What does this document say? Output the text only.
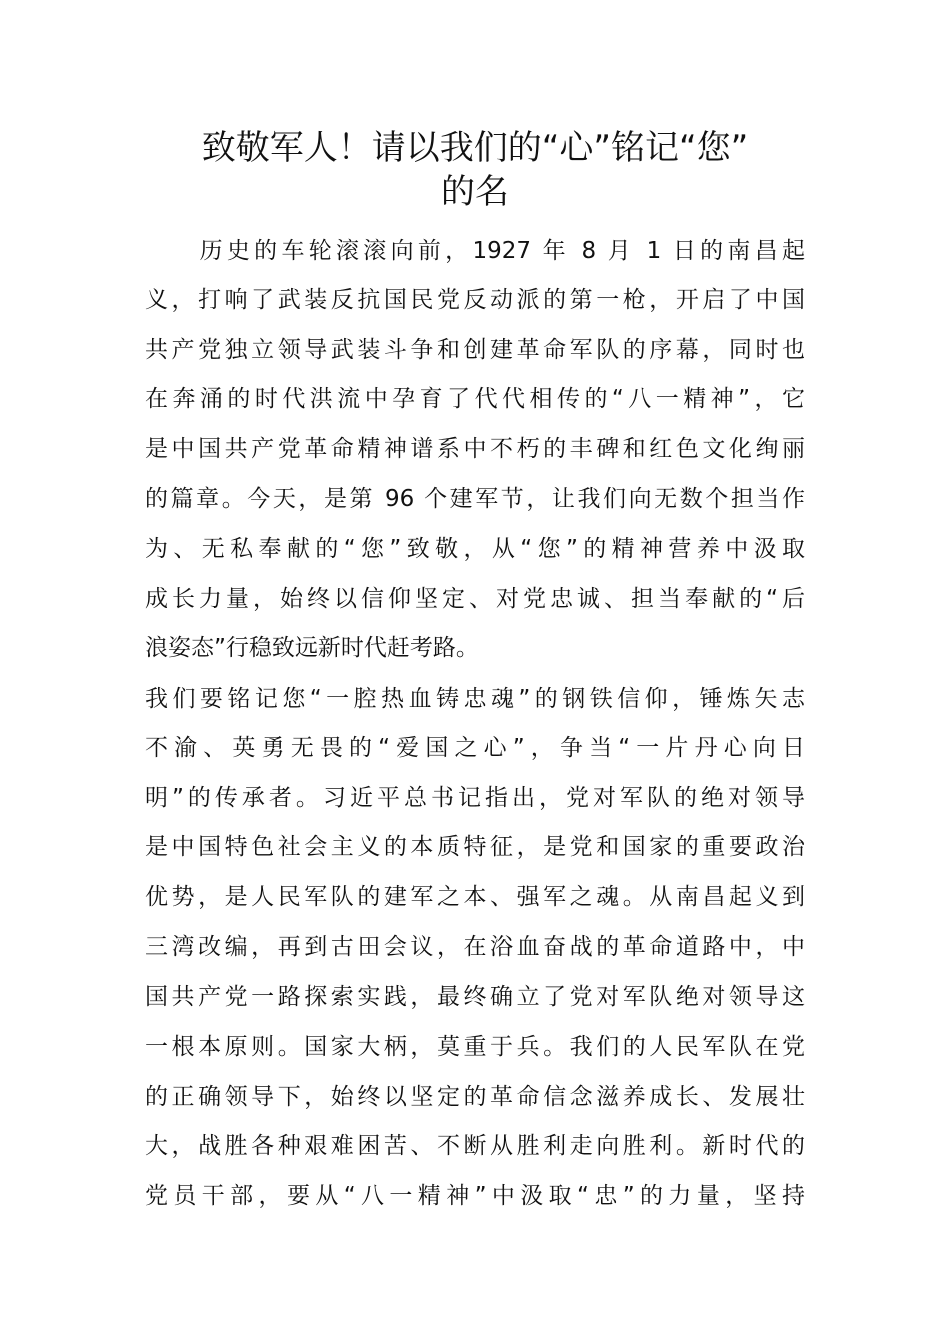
致敬军人！请以我们的“心”铭记“您”
的名
　　历史的车轮滚滚向前，1927 年 8 月 1 日的南昌起
义，打响了武装反抗国民党反动派的第一枪，开启了中国
共产党独立领导武装斗争和创建革命军队的序幕，同时也
在奔涌的时代洪流中孕育了代代相传的“八一精神”，它
是中国共产党革命精神谱系中不朽的丰碑和红色文化绚丽
的篇章。今天，是第 96 个建军节，让我们向无数个担当作
为、无私奉献的“您”致敬，从“您”的精神营养中汲取
成长力量，始终以信仰坚定、对党忠诚、担当奉献的“后
浪姿态”行稳致远新时代赶考路。
我们要铭记您“一腔热血铸忠魂”的钢铁信仰，锤炼矢志
不渝、英勇无畏的“爱国之心”，争当“一片丹心向日
明”的传承者。习近平总书记指出，党对军队的绝对领导
是中国特色社会主义的本质特征，是党和国家的重要政治
优势，是人民军队的建军之本、强军之魂。从南昌起义到
三湾改编，再到古田会议，在浴血奋战的革命道路中，中
国共产党一路探索实践，最终确立了党对军队绝对领导这
一根本原则。国家大柄，莫重于兵。我们的人民军队在党
的正确领导下，始终以坚定的革命信念滋养成长、发展壮
大，战胜各种艰难困苦、不断从胜利走向胜利。新时代的
党员干部，要从“八一精神”中汲取“忠”的力量，坚持
